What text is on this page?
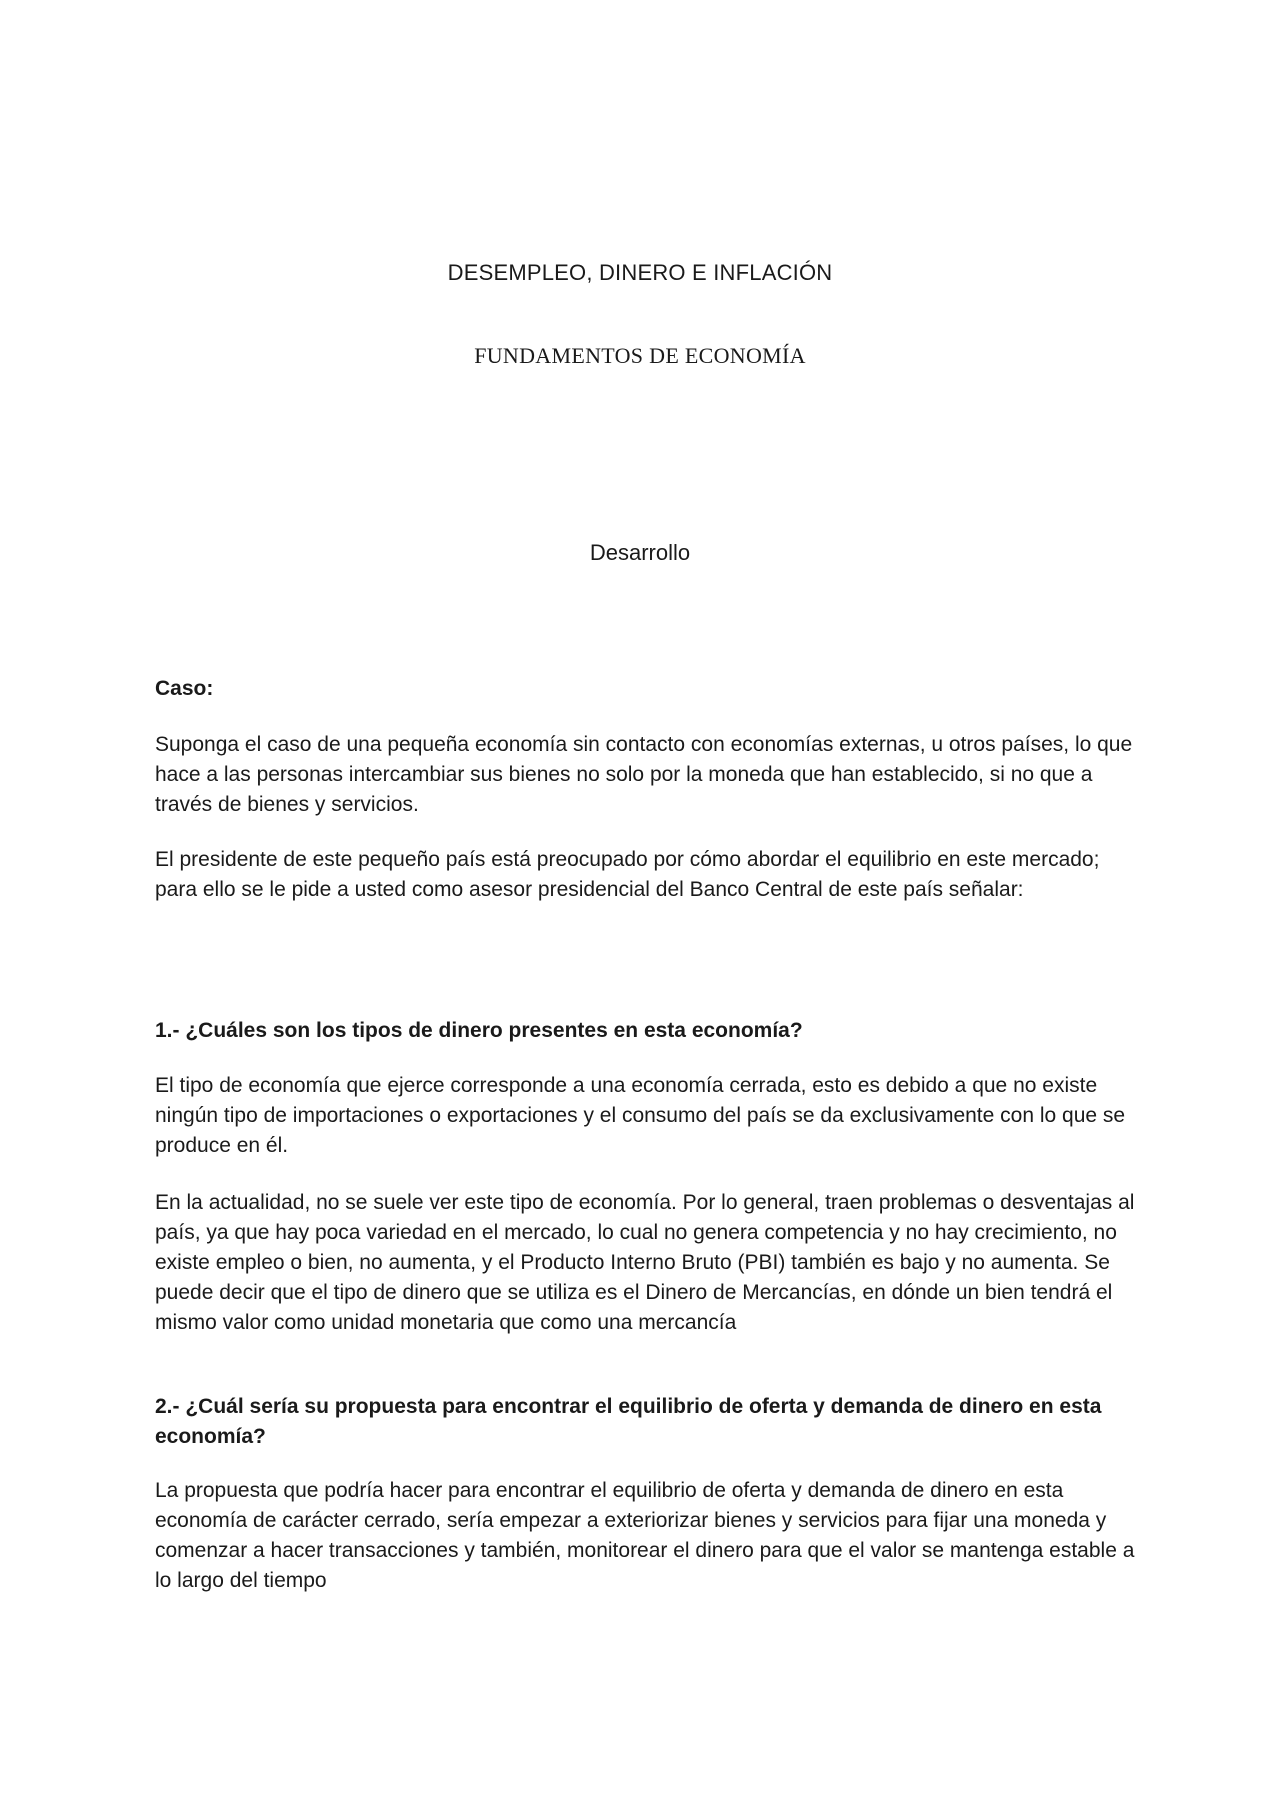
DESEMPLEO, DINERO E INFLACIÓN
FUNDAMENTOS DE ECONOMÍA
Desarrollo

Caso:

Suponga el caso de una pequeña economía sin contacto con economías externas, u otros países, lo que hace a las personas intercambiar sus bienes no solo por la moneda que han establecido, si no que a través de bienes y servicios.

El presidente de este pequeño país está preocupado por cómo abordar el equilibrio en este mercado; para ello se le pide a usted como asesor presidencial del Banco Central de este país señalar:

1.- ¿Cuáles son los tipos de dinero presentes en esta economía?

El tipo de economía que ejerce corresponde a una economía cerrada, esto es debido a que no existe ningún tipo de importaciones o exportaciones y el consumo del país se da exclusivamente con lo que se produce en él.

En la actualidad, no se suele ver este tipo de economía. Por lo general, traen problemas o desventajas al país, ya que hay poca variedad en el mercado, lo cual no genera competencia y no hay crecimiento, no existe empleo o bien, no aumenta, y el Producto Interno Bruto (PBI) también es bajo y no aumenta. Se puede decir que el tipo de dinero que se utiliza es el Dinero de Mercancías, en dónde un bien tendrá el mismo valor como unidad monetaria que como una mercancía

2.- ¿Cuál sería su propuesta para encontrar el equilibrio de oferta y demanda de dinero en esta economía?

La propuesta que podría hacer para encontrar el equilibrio de oferta y demanda de dinero en esta economía de carácter cerrado, sería empezar a exteriorizar bienes y servicios para fijar una moneda y comenzar a hacer transacciones y también, monitorear el dinero para que el valor se mantenga estable a lo largo del tiempo
